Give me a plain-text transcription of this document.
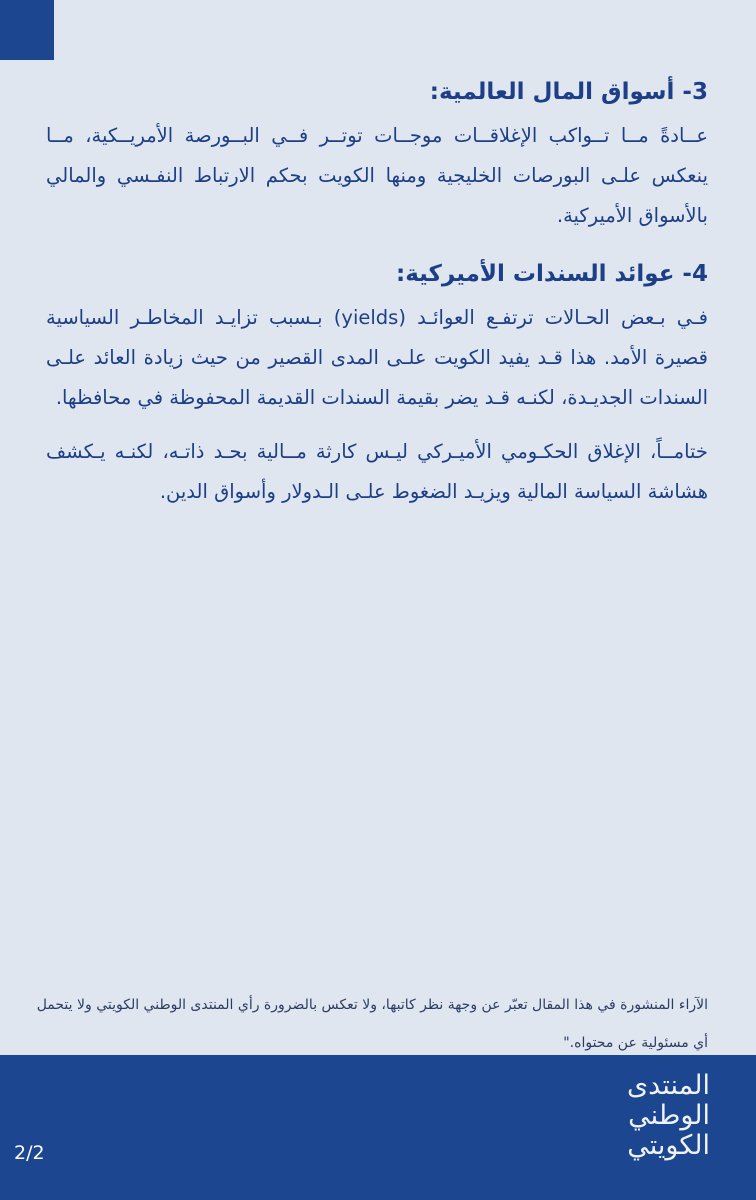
3- أسواق المال العالمية:

عــادةً مــا تــواكب الإغلاقــات موجــات توتــر فــي البــورصة الأمريــكية، مــا ينعكس علـى البورصات الخليجية ومنها الكويت بحكم الارتباط النفـسي والمالي بالأسواق الأميركية.

4- عوائد السندات الأميركية:

فـي بـعض الحـالات ترتفـع العوائـد (yields) بـسبب تزايـد المخاطـر السياسية قصيرة الأمد. هذا قـد يفيد الكويت علـى المدى القصير من حيث زيادة العائد علـى السندات الجديـدة، لكنـه قـد يضر بقيمة السندات القديمة المحفوظة في محافظها.

ختامــاً، الإغلاق الحكـومي الأميـركي ليـس كارثة مــالية بحـد ذاتـه، لكنـه يـكشف هشاشة السياسة المالية ويزيـد الضغوط علـى الـدولار وأسواق الدين.

الآراء المنشورة في هذا المقال تعبّر عن وجهة نظر كاتبها، ولا تعكس بالضرورة رأي المنتدى الوطني الكويتي ولا يتحمل أي مسئولية عن محتواه."

المنتدى
الوطني
الكويتي
2/2
